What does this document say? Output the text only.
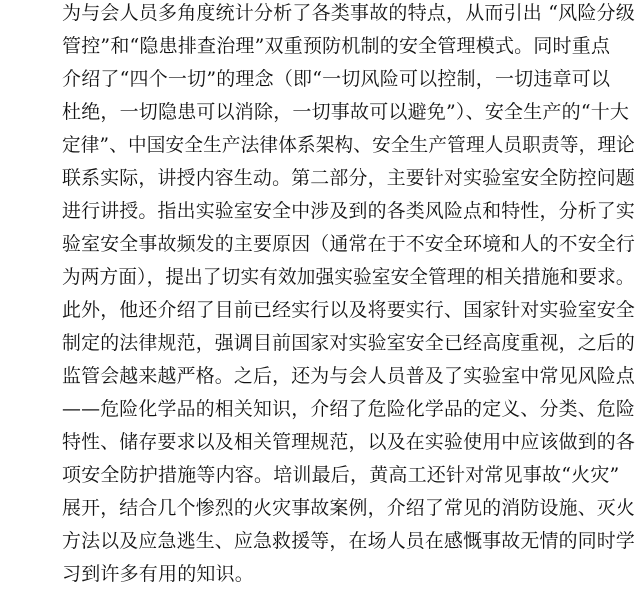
为与会人员多角度统计分析了各类事故的特点，从而引出 “风险分级
管控”和“隐患排查治理”双重预防机制的安全管理模式。同时重点
介绍了“四个一切”的理念（即“一切风险可以控制，一切违章可以
杜绝，一切隐患可以消除，一切事故可以避免”）、安全生产的“十大
定律”、中国安全生产法律体系架构、安全生产管理人员职责等，理论
联系实际，讲授内容生动。第二部分，主要针对实验室安全防控问题
进行讲授。指出实验室安全中涉及到的各类风险点和特性，分析了实
验室安全事故频发的主要原因（通常在于不安全环境和人的不安全行
为两方面），提出了切实有效加强实验室安全管理的相关措施和要求。
此外，他还介绍了目前已经实行以及将要实行、国家针对实验室安全
制定的法律规范，强调目前国家对实验室安全已经高度重视，之后的
监管会越来越严格。之后，还为与会人员普及了实验室中常见风险点
——危险化学品的相关知识，介绍了危险化学品的定义、分类、危险
特性、储存要求以及相关管理规范，以及在实验使用中应该做到的各
项安全防护措施等内容。培训最后，黄高工还针对常见事故“火灾”
展开，结合几个惨烈的火灾事故案例，介绍了常见的消防设施、灭火
方法以及应急逃生、应急救援等，在场人员在感慨事故无情的同时学
习到许多有用的知识。
